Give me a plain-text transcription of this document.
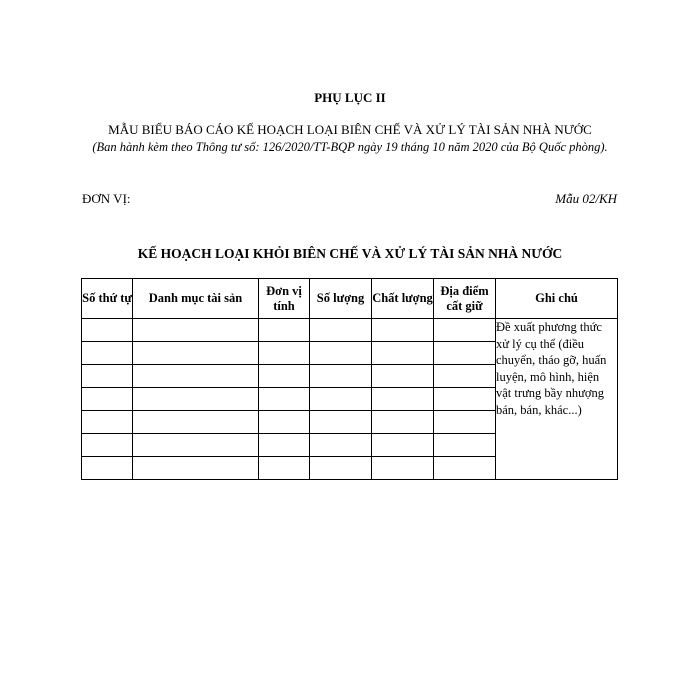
PHỤ LỤC II
MẪU BIỂU BÁO CÁO KẾ HOẠCH LOẠI BIÊN CHẾ VÀ XỬ LÝ TÀI SẢN NHÀ NƯỚC
(Ban hành kèm theo Thông tư số: 126/2020/TT-BQP ngày 19 tháng 10 năm 2020 của Bộ Quốc phòng).
ĐƠN VỊ:	Mẫu 02/KH
KẾ HOẠCH LOẠI KHỎI BIÊN CHẾ VÀ XỬ LÝ TÀI SẢN NHÀ NƯỚC
Số thứ tự	Danh mục tài sản	Đơn vị tính	Số lượng	Chất lượng	Địa điểm cất giữ	Ghi chú
						Đề xuất phương thức xử lý cụ thể (điều chuyển, tháo gỡ, huấn luyện, mô hình, hiện vật trưng bầy nhượng bán, bán, khác...)
